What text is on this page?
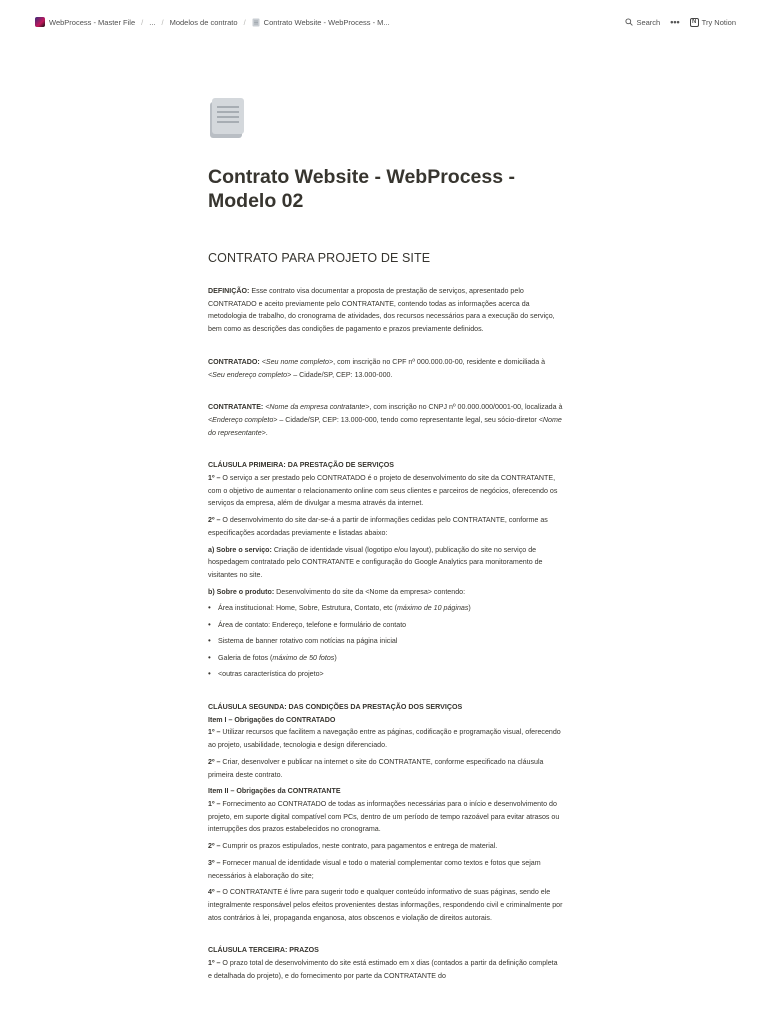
WebProcess - Master File / ... / Modelos de contrato / Contrato Website - WebProcess - M...	Search •••	N Try Notion
Contrato Website - WebProcess -
Modelo 02
CONTRATO PARA PROJETO DE SITE

DEFINIÇÃO: Esse contrato visa documentar a proposta de prestação de serviços, apresentado pelo CONTRATADO e aceito previamente pelo CONTRATANTE, contendo todas as informações acerca da metodologia de trabalho, do cronograma de atividades, dos recursos necessários para a execução do serviço, bem como as descrições das condições de pagamento e prazos previamente definidos.

CONTRATADO: <Seu nome completo>, com inscrição no CPF nº 000.000.00-00, residente e domiciliada à <Seu endereço completo> – Cidade/SP, CEP: 13.000-000.

CONTRATANTE: <Nome da empresa contratante>, com inscrição no CNPJ nº 00.000.000/0001-00, localizada à <Endereço completo> – Cidade/SP, CEP: 13.000-000, tendo como representante legal, seu sócio-diretor <Nome do representante>.

CLÁUSULA PRIMEIRA: DA PRESTAÇÃO DE SERVIÇOS

1º – O serviço a ser prestado pelo CONTRATADO é o projeto de desenvolvimento do site da CONTRATANTE, com o objetivo de aumentar o relacionamento online com seus clientes e parceiros de negócios, oferecendo os serviços da empresa, além de divulgar a mesma através da internet.

2º – O desenvolvimento do site dar-se-á a partir de informações cedidas pelo CONTRATANTE, conforme as especificações acordadas previamente e listadas abaixo:

a) Sobre o serviço: Criação de identidade visual (logotipo e/ou layout), publicação do site no serviço de hospedagem contratado pelo CONTRATANTE e configuração do Google Analytics para monitoramento de visitantes no site.

b) Sobre o produto: Desenvolvimento do site da <Nome da empresa> contendo:

•	Área institucional: Home, Sobre, Estrutura, Contato, etc (máximo de 10 páginas)
•	Área de contato: Endereço, telefone e formulário de contato
•	Sistema de banner rotativo com notícias na página inicial
•	Galeria de fotos (máximo de 50 fotos)
•	<outras característica do projeto>

CLÁUSULA SEGUNDA: DAS CONDIÇÕES DA PRESTAÇÃO DOS SERVIÇOS

Item I – Obrigações do CONTRATADO

1º – Utilizar recursos que facilitem a navegação entre as páginas, codificação e programação visual, oferecendo ao projeto, usabilidade, tecnologia e design diferenciado.

2º – Criar, desenvolver e publicar na internet o site do CONTRATANTE, conforme especificado na cláusula primeira deste contrato.

Item II – Obrigações da CONTRATANTE

1º – Fornecimento ao CONTRATADO de todas as informações necessárias para o início e desenvolvimento do projeto, em suporte digital compatível com PCs, dentro de um período de tempo razoável para evitar atrasos ou interrupções dos prazos estabelecidos no cronograma.

2º – Cumprir os prazos estipulados, neste contrato, para pagamentos e entrega de material.

3º – Fornecer manual de identidade visual e todo o material complementar como textos e fotos que sejam necessários à elaboração do site;

4º – O CONTRATANTE é livre para sugerir todo e qualquer conteúdo informativo de suas páginas, sendo ele integralmente responsável pelos efeitos provenientes destas informações, respondendo civil e criminalmente por atos contrários à lei, propaganda enganosa, atos obscenos e violação de direitos autorais.

CLÁUSULA TERCEIRA: PRAZOS

1º – O prazo total de desenvolvimento do site está estimado em x dias (contados a partir da definição completa e detalhada do projeto), e do fornecimento por parte da CONTRATANTE do
